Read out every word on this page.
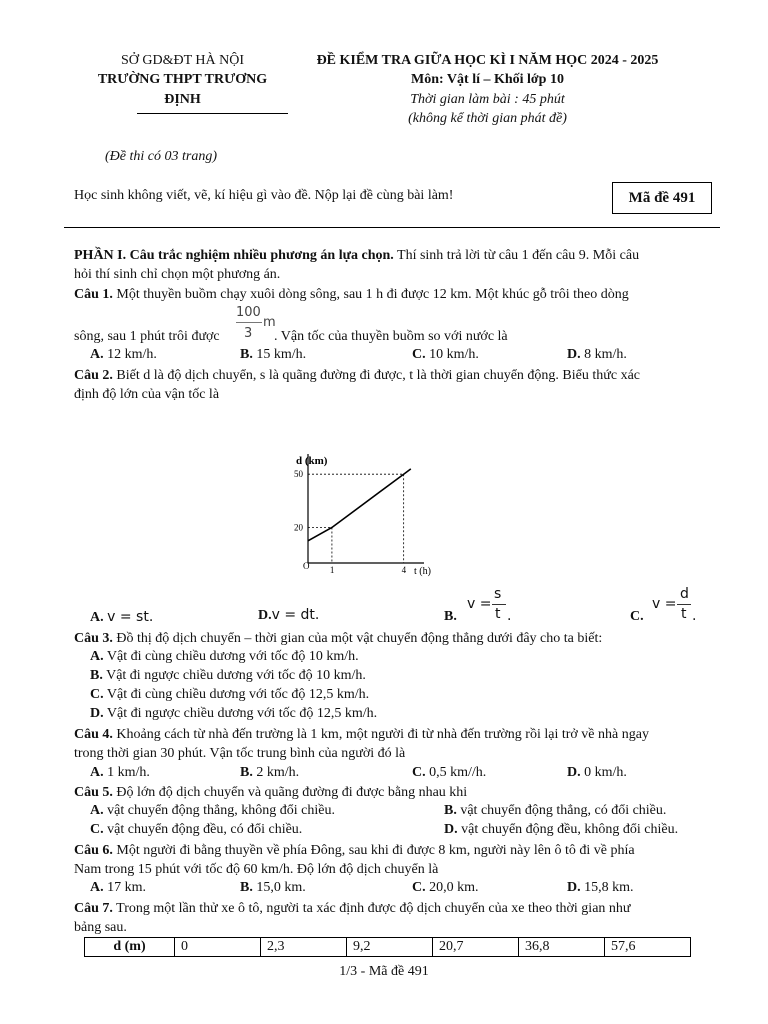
SỞ GD&ĐT HÀ NỘI
TRƯỜNG THPT TRƯƠNG
ĐỊNH
ĐỀ KIỂM TRA GIỮA HỌC KÌ I NĂM HỌC 2024 - 2025
Môn: Vật lí – Khối lớp 10
Thời gian làm bài : 45 phút
(không kể thời gian phát đề)
(Đề thi có 03 trang)
Học sinh không viết, vẽ, kí hiệu gì vào đề. Nộp lại đề cùng bài làm!	Mã đề 491
PHẦN I. Câu trắc nghiệm nhiều phương án lựa chọn. Thí sinh trả lời từ câu 1 đến câu 9. Mỗi câu
hỏi thí sinh chỉ chọn một phương án.
Câu 1. Một thuyền buồm chạy xuôi dòng sông, sau 1 h đi được 12 km. Một khúc gỗ trôi theo dòng
100
3
m
sông, sau 1 phút trôi được	. Vận tốc của thuyền buồm so với nước là
A. 12 km/h.	B. 15 km/h.	C. 10 km/h.	D. 8 km/h.
Câu 2. Biết d là độ dịch chuyển, s là quãng đường đi được, t là thời gian chuyển động. Biểu thức xác
định độ lớn của vận tốc là
d (km)
t (h)
O 1	4
20
50
A. v = st.	D.v = dt.	B.
v =
s
t .	C.
v =
d
t .
Câu 3. Đồ thị độ dịch chuyển – thời gian của một vật chuyển động thẳng dưới đây cho ta biết:
A. Vật đi cùng chiều dương với tốc độ 10 km/h.
B. Vật đi ngược chiều dương với tốc độ 10 km/h.
C. Vật đi cùng chiều dương với tốc độ 12,5 km/h.
D. Vật đi ngược chiều dương với tốc độ 12,5 km/h.
Câu 4. Khoảng cách từ nhà đến trường là 1 km, một người đi từ nhà đến trường rồi lại trở về nhà ngay
trong thời gian 30 phút. Vận tốc trung bình của người đó là
A. 1 km/h.	B. 2 km/h.	C. 0,5 km//h.	D. 0 km/h.
Câu 5. Độ lớn độ dịch chuyển và quãng đường đi được bằng nhau khi
A. vật chuyển động thẳng, không đổi chiều.	B. vật chuyển động thẳng, có đổi chiều.
C. vật chuyển động đều, có đổi chiều.	D. vật chuyển động đều, không đổi chiều.
Câu 6. Một người đi bằng thuyền về phía Đông, sau khi đi được 8 km, người này lên ô tô đi về phía
Nam trong 15 phút với tốc độ 60 km/h. Độ lớn độ dịch chuyển là
A. 17 km.	B. 15,0 km.	C. 20,0 km.	D. 15,8 km.
Câu 7. Trong một lần thử xe ô tô, người ta xác định được độ dịch chuyển của xe theo thời gian như
bảng sau.
d (m)	0	2,3	9,2	20,7	36,8	57,6
1/3 - Mã đề 491
